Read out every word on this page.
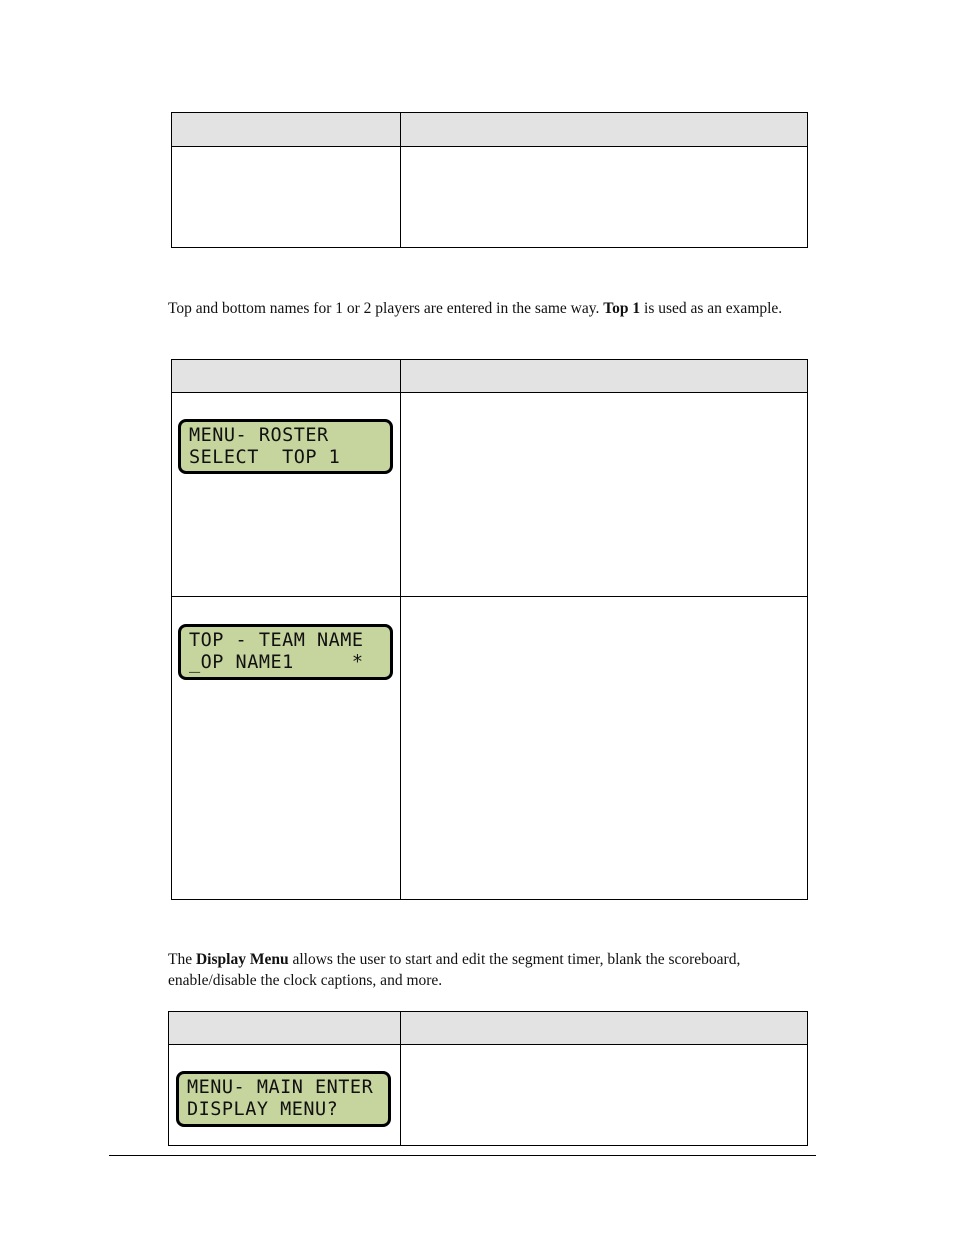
Top and bottom names for 1 or 2 players are entered in the same way. Top 1 is used as an example.
MENU- ROSTER
SELECT  TOP 1
TOP - TEAM NAME
_OP NAME1     *
The Display Menu allows the user to start and edit the segment timer, blank the scoreboard, enable/disable the clock captions, and more.
MENU- MAIN ENTER
DISPLAY MENU?
